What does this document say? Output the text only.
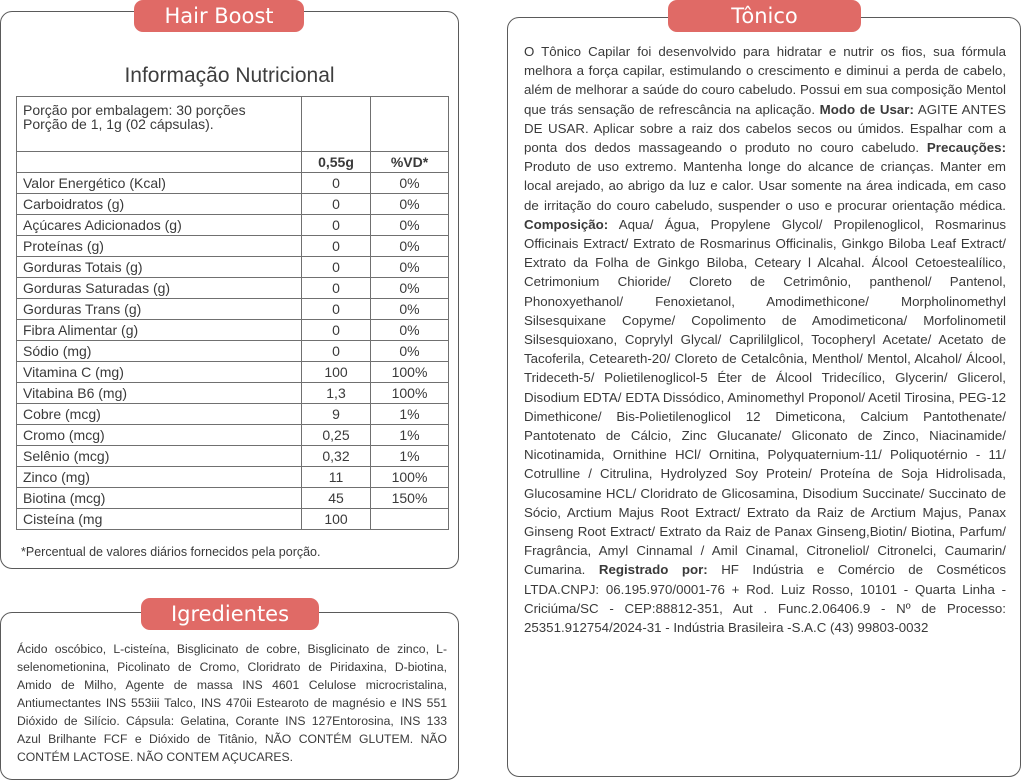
Informação Nutricional
Porção por embalagem: 30 porções
Porção de 1, 1g (02 cápsulas).		
	0,55g	%VD*
Valor Energético (Kcal)	0	0%
Carboidratos (g)	0	0%
Açúcares Adicionados (g)	0	0%
Proteínas (g)	0	0%
Gorduras Totais (g)	0	0%
Gorduras Saturadas (g)	0	0%
Gorduras Trans (g)	0	0%
Fibra Alimentar (g)	0	0%
Sódio (mg)	0	0%
Vitamina C (mg)	100	100%
Vitabina B6 (mg)	1,3	100%
Cobre (mcg)	9	1%
Cromo (mcg)	0,25	1%
Selênio (mcg)	0,32	1%
Zinco (mg)	11	100%
Biotina (mcg)	45	150%
Cisteína (mg	100	
*Percentual de valores diários fornecidos pela porção.
Hair Boost
Ácido oscóbico, L-cisteína, Bisglicinato de cobre, Bisglicinato de zinco, L-selenometionina, Picolinato de Cromo, Cloridrato de Piridaxina, D-biotina, Amido de Milho, Agente de massa INS 4601 Celulose microcristalina, Antiumectantes INS 553iii Talco, INS 470ii Estearoto de magnésio e INS 551 Dióxido de Silício. Cápsula: Gelatina, Corante INS 127Entorosina, INS 133 Azul Brilhante FCF e Dióxido de Titânio, NÃO CONTÉM GLUTEM. NÃO CONTÉM LACTOSE. NÃO CONTEM AÇUCARES.
Igredientes
O Tônico Capilar foi desenvolvido para hidratar e nutrir os fios, sua fórmula melhora a força capilar, estimulando o crescimento e diminui a perda de cabelo, além de melhorar a saúde do couro cabeludo. Possui em sua composição Mentol que trás sensação de refrescância na aplicação. Modo de Usar: AGITE ANTES DE USAR. Aplicar sobre a raiz dos cabelos secos ou úmidos. Espalhar com a ponta dos dedos massageando o produto no couro cabeludo. Precauções: Produto de uso extremo. Mantenha longe do alcance de crianças. Manter em local arejado, ao abrigo da luz e calor. Usar somente na área indicada, em caso de irritação do couro cabeludo, suspender o uso e procurar orientação médica. Composição: Aqua/ Água, Propylene Glycol/ Propilenoglicol, Rosmarinus Officinais Extract/ Extrato de Rosmarinus Officinalis, Ginkgo Biloba Leaf Extract/ Extrato da Folha de Ginkgo Biloba, Ceteary l Alcahal. Álcool Cetoestealílico, Cetrimonium Chioride/ Cloreto de Cetrimônio, panthenol/ Pantenol, Phonoxyethanol/ Fenoxietanol, Amodimethicone/ Morpholinomethyl Silsesquixane Copyme/ Copolimento de Amodimeticona/ Morfolinometil Silsesquioxano, Coprylyl Glycal/ Caprililglicol, Tocopheryl Acetate/ Acetato de Tacoferila, Ceteareth-20/ Cloreto de Cetalcônia, Menthol/ Mentol, Alcahol/ Álcool, Trideceth-5/ Polietilenoglicol-5 Éter de Álcool Tridecílico, Glycerin/ Glicerol, Disodium EDTA/ EDTA Dissódico, Aminomethyl Proponol/ Acetil Tirosina, PEG-12 Dimethicone/ Bis-Polietilenoglicol 12 Dimeticona, Calcium Pantothenate/ Pantotenato de Cálcio, Zinc Glucanate/ Gliconato de Zinco, Niacinamide/ Nicotinamida, Ornithine HCl/ Ornitina, Polyquaternium-11/ Poliquotérnio - 11/ Cotrulline / Citrulina, Hydrolyzed Soy Protein/ Proteína de Soja Hidrolisada, Glucosamine HCL/ Cloridrato de Glicosamina, Disodium Succinate/ Succinato de Sócio, Arctium Majus Root Extract/ Extrato da Raiz de Arctium Majus, Panax Ginseng Root Extract/ Extrato da Raiz de Panax Ginseng,Biotin/ Biotina, Parfum/ Fragrância, Amyl Cinnamal / Amil Cinamal, Citroneliol/ Citronelci, Caumarin/ Cumarina. Registrado por: HF Indústria e Comércio de Cosméticos LTDA.CNPJ: 06.195.970/0001-76 + Rod. Luiz Rosso, 10101 - Quarta Linha - Criciúma/SC - CEP:88812-351, Aut . Func.2.06406.9 - Nº de Processo: 25351.912754/2024-31 - Indústria Brasileira -S.A.C (43) 99803-0032
Tônico
